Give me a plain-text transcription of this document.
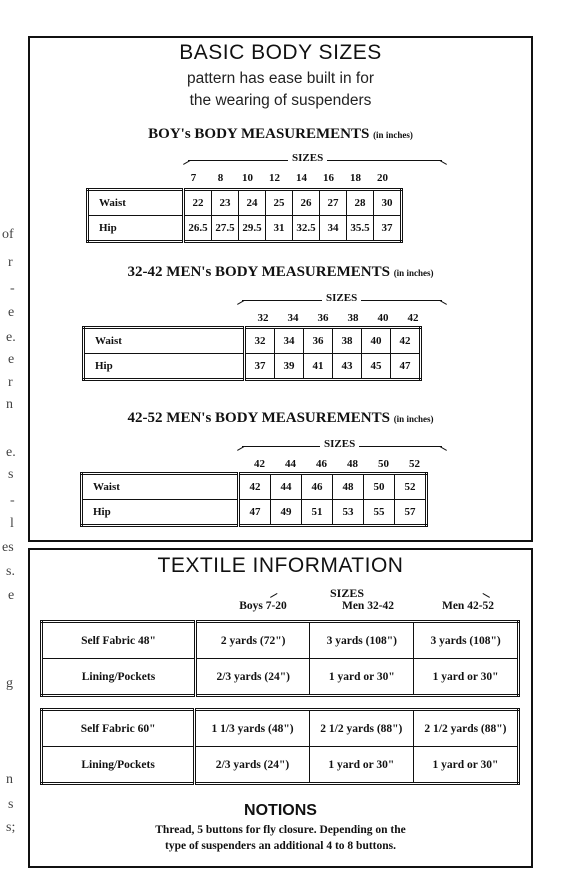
of
r
-
e
e.
e
r
n
e.
s
-
l
es
s.
e
g
n
s
s;
BASIC BODY SIZES
pattern has ease built in for
the wearing of suspenders
BOY's BODY MEASUREMENTS (in inches)
SIZES
7	8	10	12	14	16	18	20
Waist	22	23	24	25	26	27	28	30
Hip	26.5	27.5	29.5	31	32.5	34	35.5	37
32-42 MEN's BODY MEASUREMENTS (in inches)
SIZES
32	34	36	38	40	42
Waist	32	34	36	38	40	42
Hip	37	39	41	43	45	47
42-52 MEN's BODY MEASUREMENTS (in inches)
SIZES
42	44	46	48	50	52
Waist	42	44	46	48	50	52
Hip	47	49	51	53	55	57
TEXTILE INFORMATION
SIZES
Boys 7-20	Men 32-42	Men 42-52
Self Fabric 48"	2 yards (72")	3 yards (108")	3 yards (108")
Lining/Pockets	2/3 yards (24")	1 yard or 30"	1 yard or 30"
Self Fabric 60"	1 1/3 yards (48")	2 1/2 yards (88")	2 1/2 yards (88")
Lining/Pockets	2/3 yards (24")	1 yard or 30"	1 yard or 30"
NOTIONS
Thread, 5 buttons for fly closure. Depending on the
type of suspenders an additional 4 to 8 buttons.
